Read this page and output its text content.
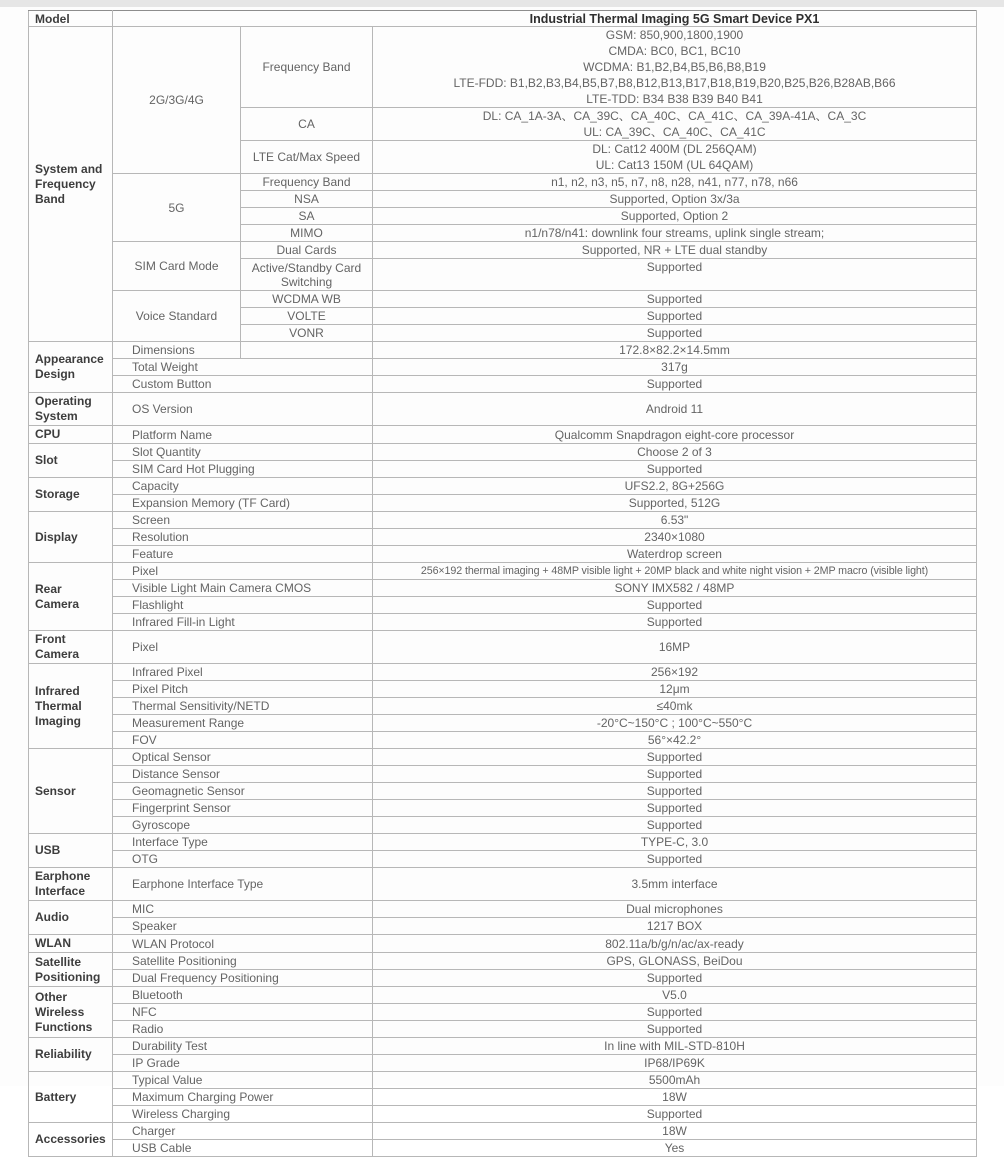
Model	Industrial Thermal Imaging 5G Smart Device PX1		
System and Frequency Band	2G/3G/4G	Frequency Band	GSM: 850,900,1800,1900
CMDA: BC0, BC1, BC10
WCDMA: B1,B2,B4,B5,B6,B8,B19
LTE-FDD: B1,B2,B3,B4,B5,B7,B8,B12,B13,B17,B18,B19,B20,B25,B26,B28AB,B66
LTE-TDD: B34 B38 B39 B40 B41

		CA	DL: CA_1A-3A、CA_39C、CA_40C、CA_41C、CA_39A-41A、CA_3C
UL: CA_39C、CA_40C、CA_41C

		LTE Cat/Max Speed	DL: Cat12 400M (DL 256QAM)
UL: Cat13 150M (UL 64QAM)

	5G	Frequency Band	n1, n2, n3, n5, n7, n8, n28, n41, n77, n78, n66
		NSA	Supported, Option 3x/3a
		SA	Supported, Option 2
		MIMO	n1/n78/n41: downlink four streams, uplink single stream;
	SIM Card Mode	Dual Cards	Supported, NR + LTE dual standby
		Active/Standby Card Switching	Supported
	Voice Standard	WCDMA WB	Supported
		VOLTE	Supported
		VONR	Supported
Appearance Design	Dimensions		172.8×82.2×14.5mm
	Total Weight		317g
	Custom Button		Supported
Operating System	OS Version		Android 11
CPU	Platform Name		Qualcomm Snapdragon eight-core processor
Slot	Slot Quantity		Choose 2 of 3
	SIM Card Hot Plugging		Supported
Storage	Capacity		UFS2.2, 8G+256G
	Expansion Memory (TF Card)		Supported, 512G
Display	Screen		6.53"
	Resolution		2340×1080
	Feature		Waterdrop screen
Rear Camera	Pixel		256×192 thermal imaging + 48MP visible light + 20MP black and white night vision + 2MP macro (visible light)
	Visible Light Main Camera CMOS		SONY IMX582 / 48MP
	Flashlight		Supported
	Infrared Fill-in Light		Supported
Front Camera	Pixel		16MP
Infrared Thermal Imaging	Infrared Pixel		256×192
	Pixel Pitch		12μm
	Thermal Sensitivity/NETD		≤40mk
	Measurement Range		-20°C~150°C ; 100°C~550°C
	FOV		56°×42.2°
Sensor	Optical Sensor		Supported
	Distance Sensor		Supported
	Geomagnetic Sensor		Supported
	Fingerprint Sensor		Supported
	Gyroscope		Supported
USB	Interface Type		TYPE-C, 3.0
	OTG		Supported
Earphone Interface	Earphone Interface Type		3.5mm interface
Audio	MIC		Dual microphones
	Speaker		1217 BOX
WLAN	WLAN Protocol		802.11a/b/g/n/ac/ax-ready
Satellite Positioning	Satellite Positioning		GPS, GLONASS, BeiDou
	Dual Frequency Positioning		Supported
Other Wireless Functions	Bluetooth		V5.0
	NFC		Supported
	Radio		Supported
Reliability	Durability Test		In line with MIL-STD-810H
	IP Grade		IP68/IP69K
Battery	Typical Value		5500mAh
	Maximum Charging Power		18W
	Wireless Charging		Supported
Accessories	Charger		18W
	USB Cable		Yes
